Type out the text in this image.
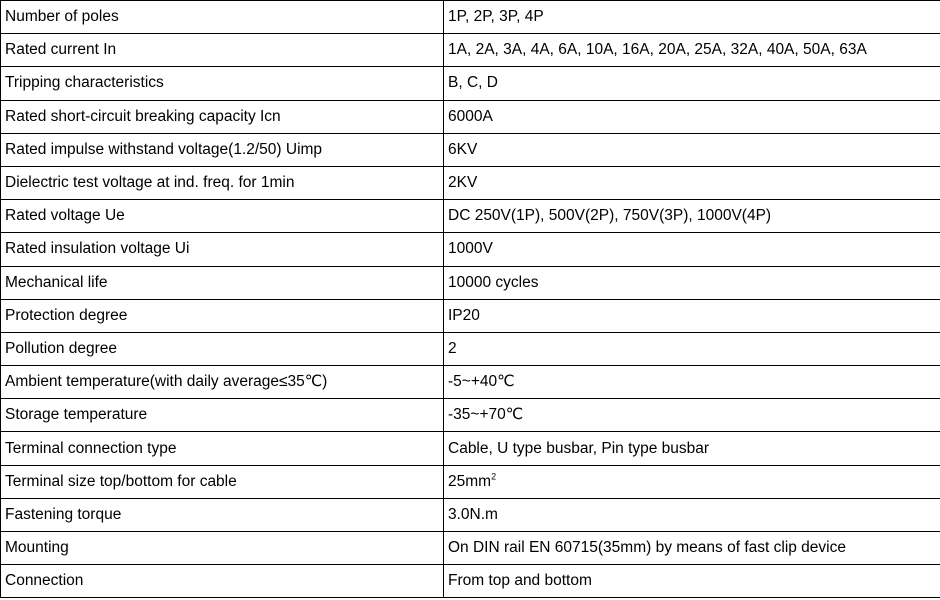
Number of poles	1P, 2P, 3P, 4P
Rated current In	1A, 2A, 3A, 4A, 6A, 10A, 16A, 20A, 25A, 32A, 40A, 50A, 63A
Tripping characteristics	B, C, D
Rated short-circuit breaking capacity Icn	6000A
Rated impulse withstand voltage(1.2/50) Uimp	6KV
Dielectric test voltage at ind. freq. for 1min	2KV
Rated voltage Ue	DC 250V(1P), 500V(2P), 750V(3P), 1000V(4P)
Rated insulation voltage Ui	1000V
Mechanical life	10000 cycles
Protection degree	IP20
Pollution degree	2
Ambient temperature(with daily average≤35℃)	-5~+40℃
Storage temperature	-35~+70℃
Terminal connection type	Cable, U type busbar, Pin type busbar
Terminal size top/bottom for cable	$25mm^2$
Fastening torque	3.0N.m
Mounting	On DIN rail EN 60715(35mm) by means of fast clip device
Connection	From top and bottom
